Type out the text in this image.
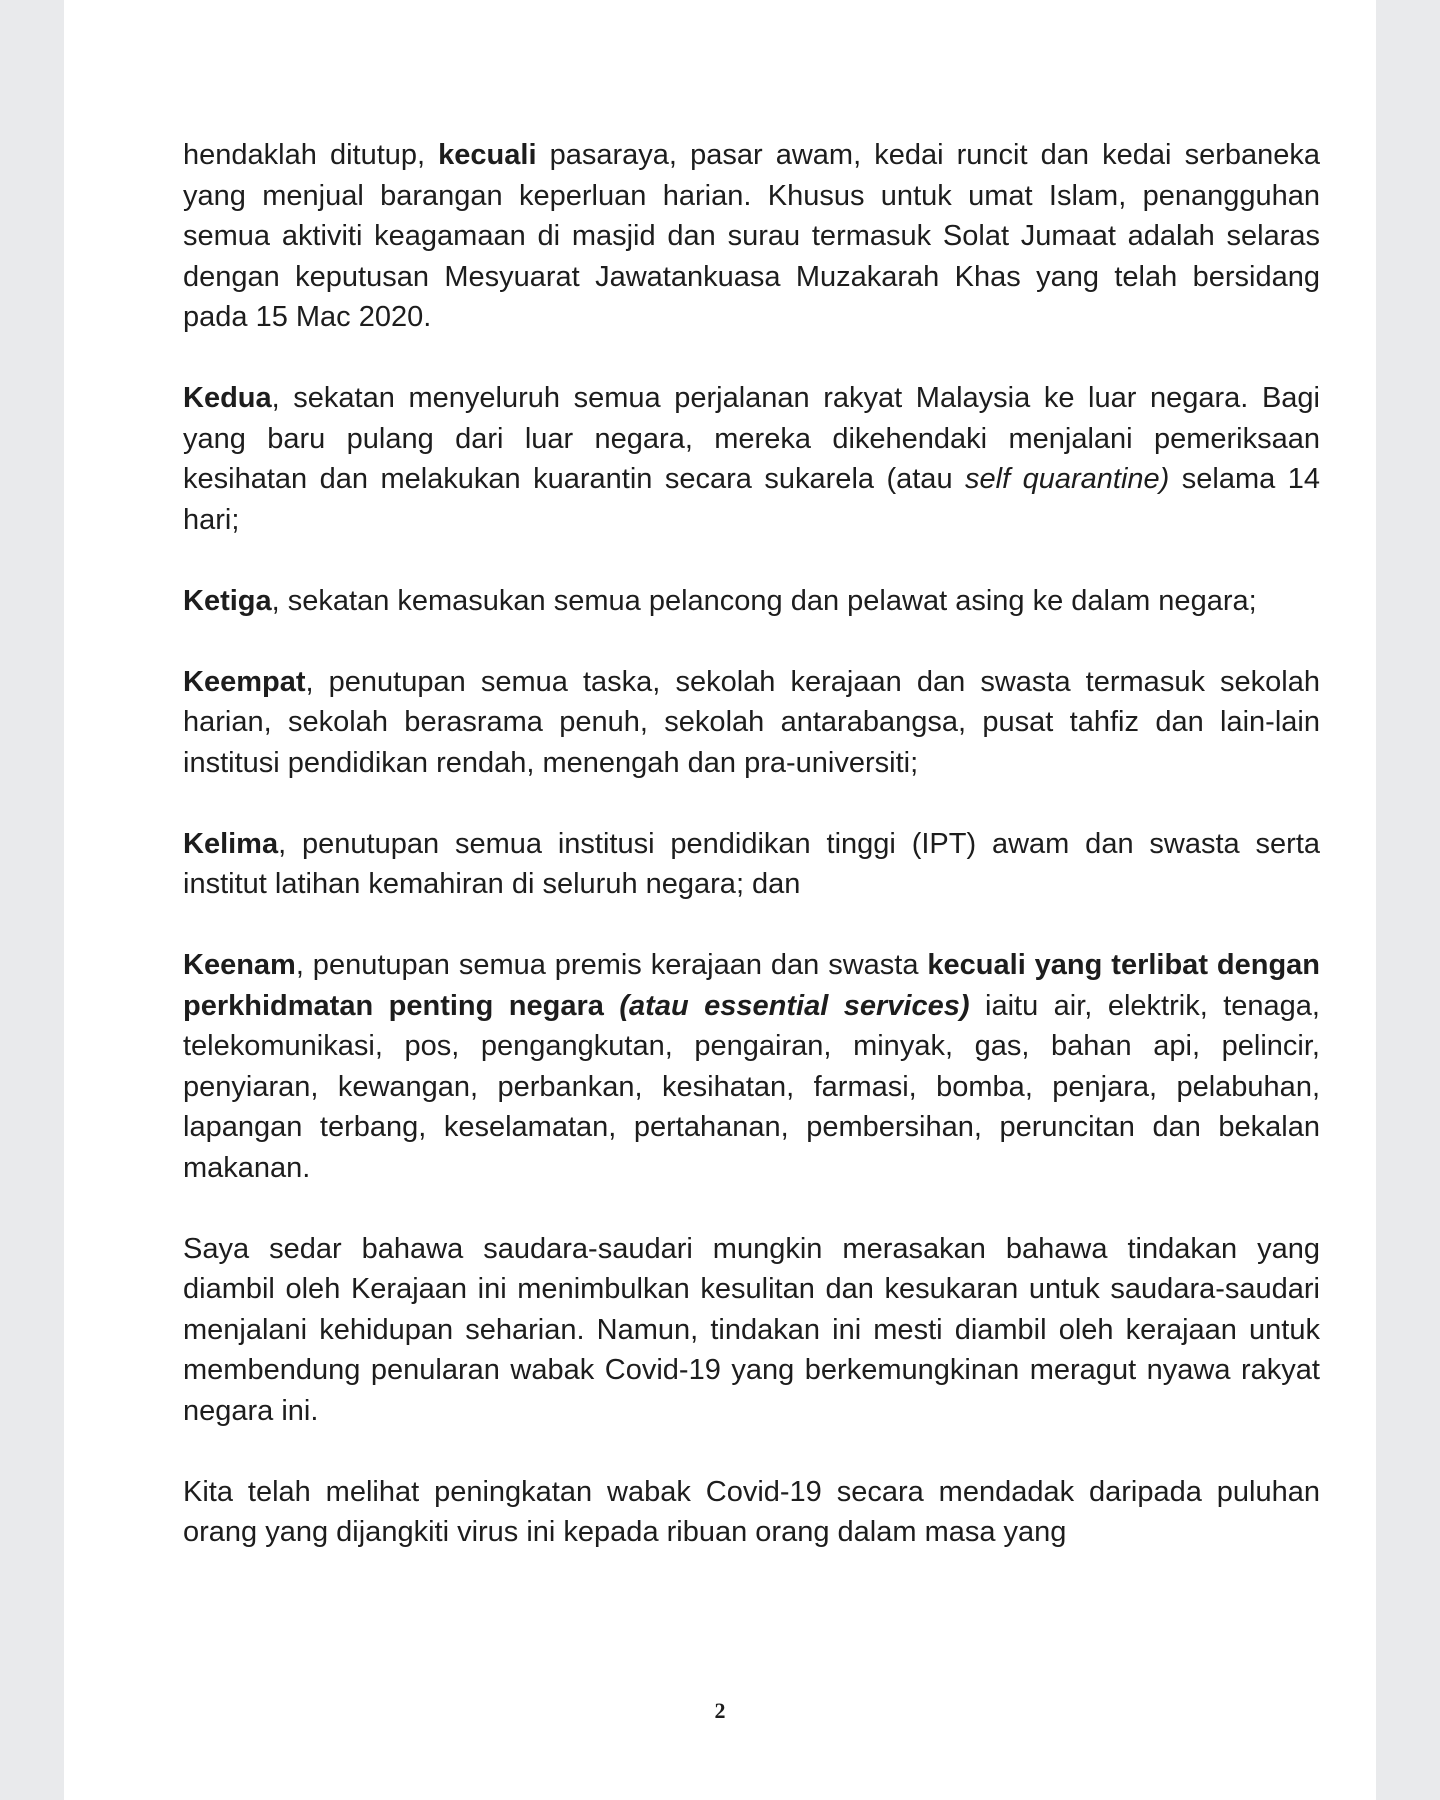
hendaklah ditutup, kecuali pasaraya, pasar awam, kedai runcit dan kedai serbaneka yang menjual barangan keperluan harian. Khusus untuk umat Islam, penangguhan semua aktiviti keagamaan di masjid dan surau termasuk Solat Jumaat adalah selaras dengan keputusan Mesyuarat Jawatankuasa Muzakarah Khas yang telah bersidang pada 15 Mac 2020.

Kedua, sekatan menyeluruh semua perjalanan rakyat Malaysia ke luar negara. Bagi yang baru pulang dari luar negara, mereka dikehendaki menjalani pemeriksaan kesihatan dan melakukan kuarantin secara sukarela (atau self quarantine) selama 14 hari;

Ketiga, sekatan kemasukan semua pelancong dan pelawat asing ke dalam negara;

Keempat, penutupan semua taska, sekolah kerajaan dan swasta termasuk sekolah harian, sekolah berasrama penuh, sekolah antarabangsa, pusat tahfiz dan lain-lain institusi pendidikan rendah, menengah dan pra-universiti;

Kelima, penutupan semua institusi pendidikan tinggi (IPT) awam dan swasta serta institut latihan kemahiran di seluruh negara; dan

Keenam, penutupan semua premis kerajaan dan swasta kecuali yang terlibat dengan perkhidmatan penting negara (atau essential services) iaitu air, elektrik, tenaga, telekomunikasi, pos, pengangkutan, pengairan, minyak, gas, bahan api, pelincir, penyiaran, kewangan, perbankan, kesihatan, farmasi, bomba, penjara, pelabuhan, lapangan terbang, keselamatan, pertahanan, pembersihan, peruncitan dan bekalan makanan.

Saya sedar bahawa saudara-saudari mungkin merasakan bahawa tindakan yang diambil oleh Kerajaan ini menimbulkan kesulitan dan kesukaran untuk saudara-saudari menjalani kehidupan seharian. Namun, tindakan ini mesti diambil oleh kerajaan untuk membendung penularan wabak Covid-19 yang berkemungkinan meragut nyawa rakyat negara ini.

Kita telah melihat peningkatan wabak Covid-19 secara mendadak daripada puluhan orang yang dijangkiti virus ini kepada ribuan orang dalam masa yang

2
